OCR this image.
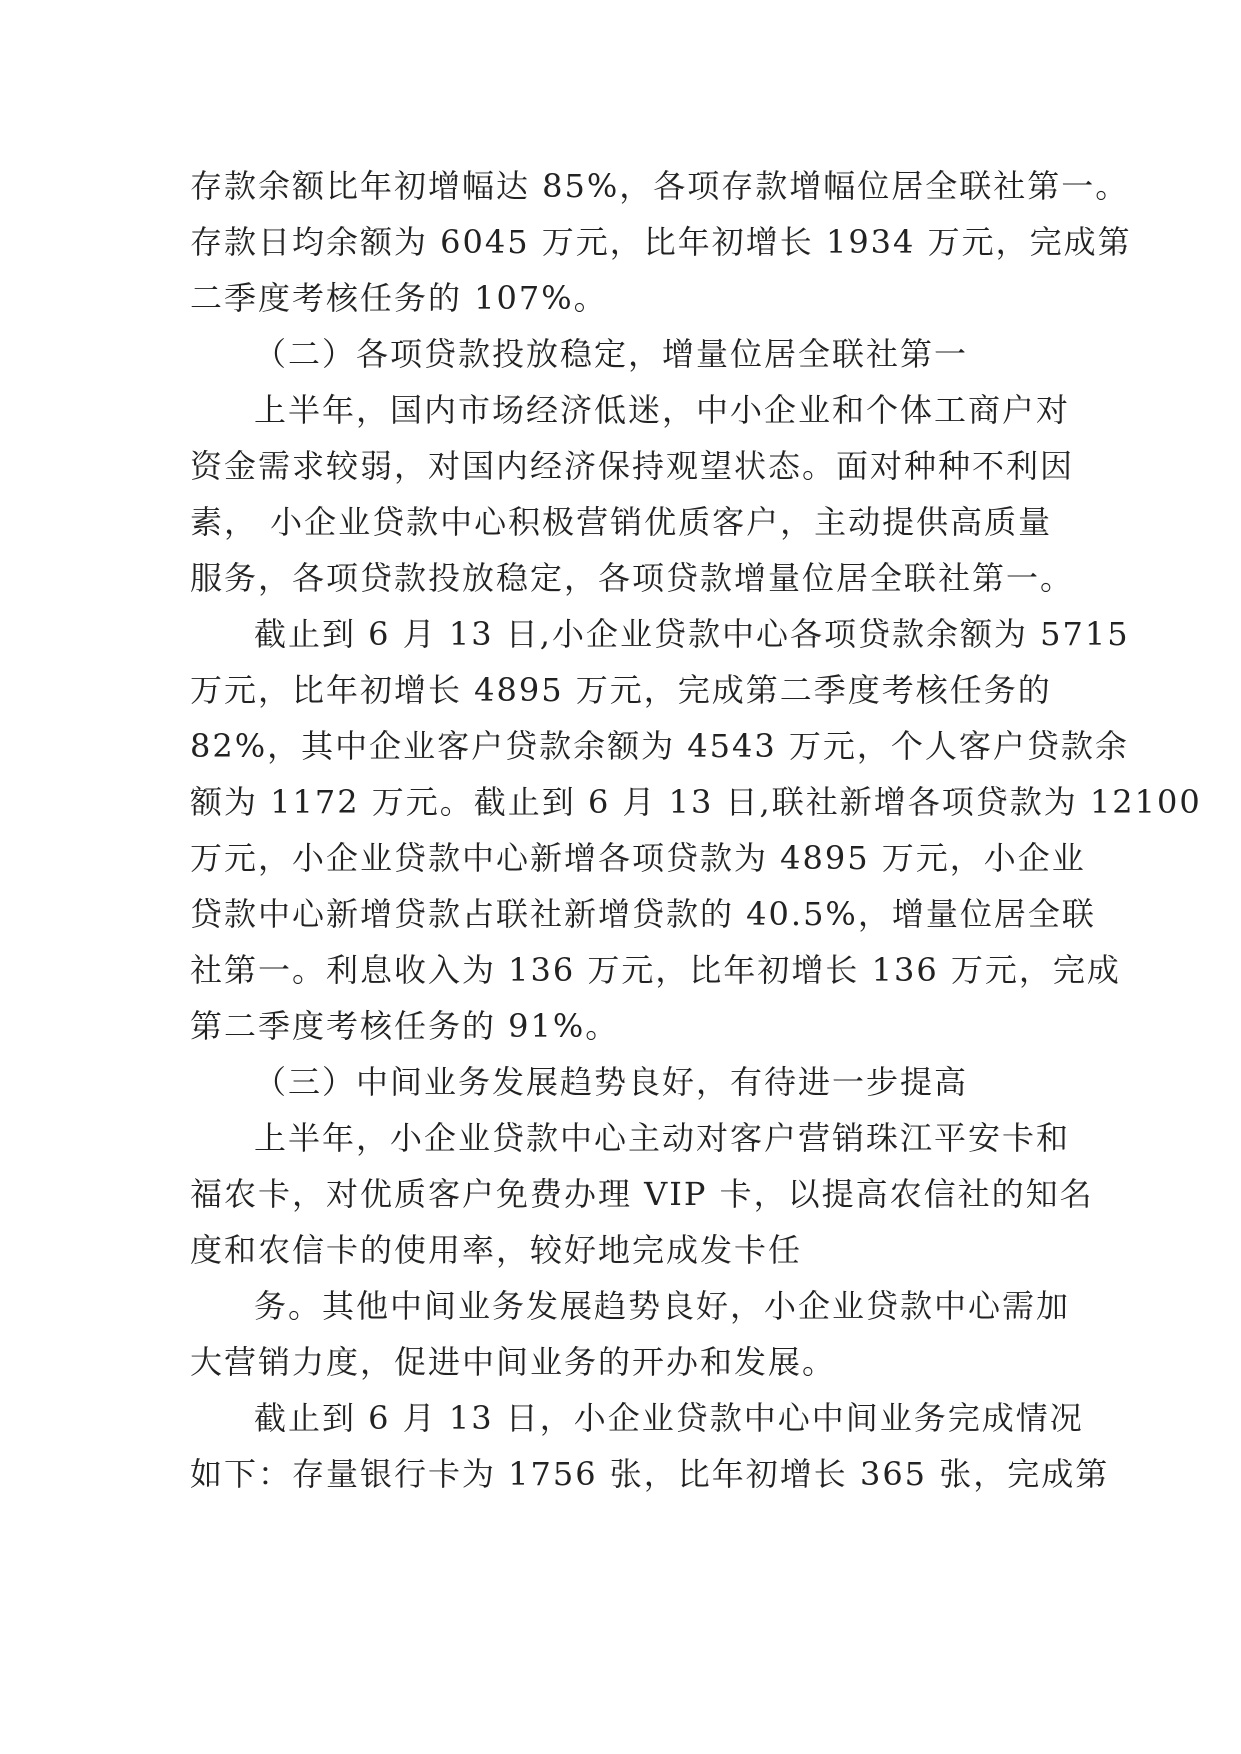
存款余额比年初增幅达 85%，各项存款增幅位居全联社第一。
存款日均余额为 6045 万元，比年初增长 1934 万元，完成第
二季度考核任务的 107%。
（二）各项贷款投放稳定，增量位居全联社第一
上半年，国内市场经济低迷，中小企业和个体工商户对
资金需求较弱，对国内经济保持观望状态。面对种种不利因
素， 小企业贷款中心积极营销优质客户，主动提供高质量
服务，各项贷款投放稳定，各项贷款增量位居全联社第一。
截止到 6 月 13 日,小企业贷款中心各项贷款余额为 5715
万元，比年初增长 4895 万元，完成第二季度考核任务的
82%，其中企业客户贷款余额为 4543 万元，个人客户贷款余
额为 1172 万元。截止到 6 月 13 日,联社新增各项贷款为 12100
万元，小企业贷款中心新增各项贷款为 4895 万元，小企业
贷款中心新增贷款占联社新增贷款的 40.5%，增量位居全联
社第一。利息收入为 136 万元，比年初增长 136 万元，完成
第二季度考核任务的 91%。
（三）中间业务发展趋势良好，有待进一步提高
上半年，小企业贷款中心主动对客户营销珠江平安卡和
福农卡，对优质客户免费办理 VIP 卡，以提高农信社的知名
度和农信卡的使用率，较好地完成发卡任
务。其他中间业务发展趋势良好，小企业贷款中心需加
大营销力度，促进中间业务的开办和发展。
截止到 6 月 13 日，小企业贷款中心中间业务完成情况
如下：存量银行卡为 1756 张，比年初增长 365 张，完成第
